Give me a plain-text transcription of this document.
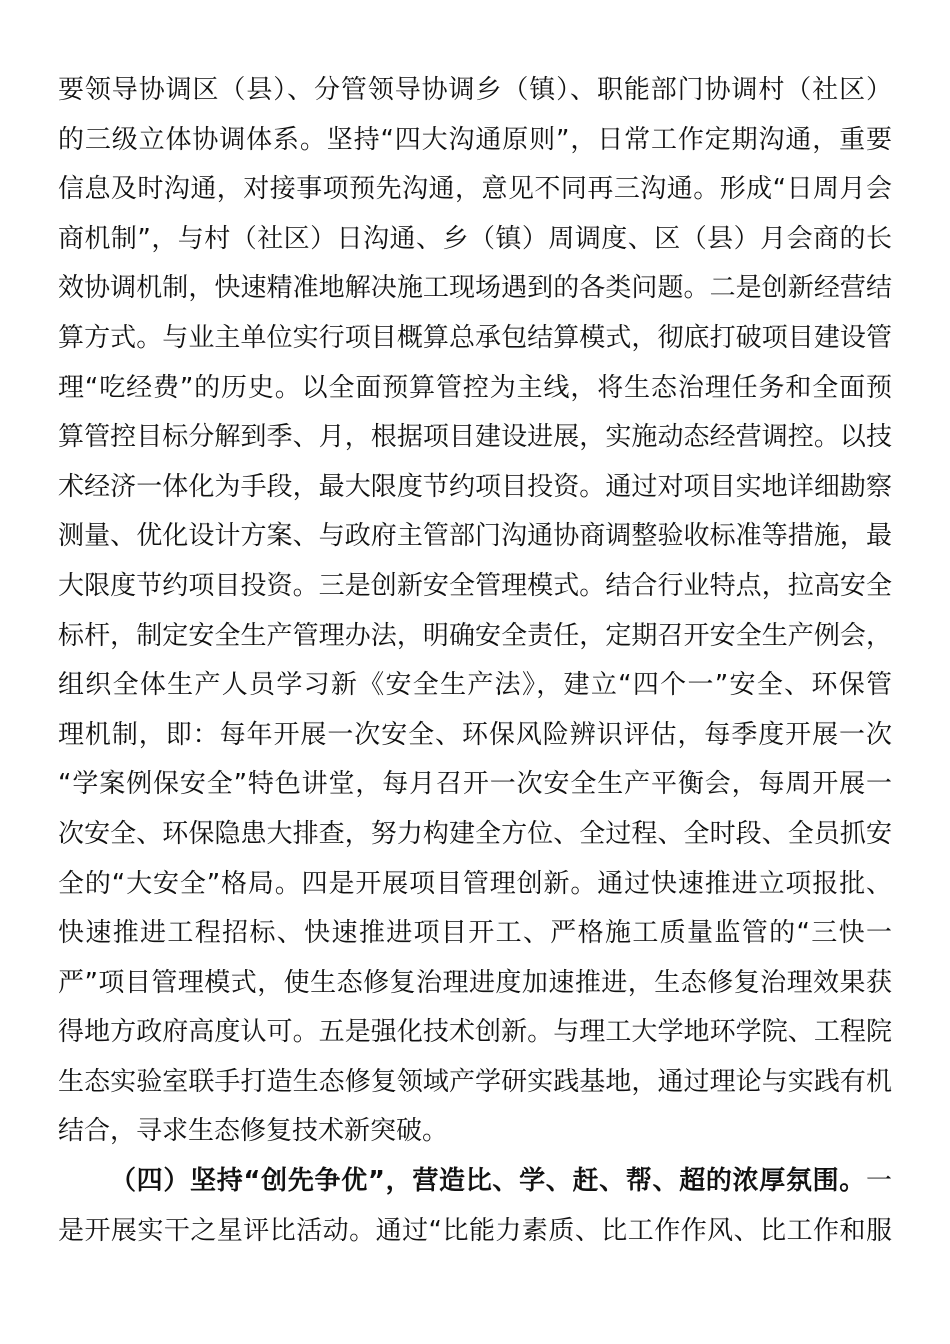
要领导协调区（县）、分管领导协调乡（镇）、职能部门协调村（社区）
的三级立体协调体系。坚持“四大沟通原则”，日常工作定期沟通，重要
信息及时沟通，对接事项预先沟通，意见不同再三沟通。形成“日周月会
商机制”，与村（社区）日沟通、乡（镇）周调度、区（县）月会商的长
效协调机制，快速精准地解决施工现场遇到的各类问题。二是创新经营结
算方式。与业主单位实行项目概算总承包结算模式，彻底打破项目建设管
理“吃经费”的历史。以全面预算管控为主线，将生态治理任务和全面预
算管控目标分解到季、月，根据项目建设进展，实施动态经营调控。以技
术经济一体化为手段，最大限度节约项目投资。通过对项目实地详细勘察
测量、优化设计方案、与政府主管部门沟通协商调整验收标准等措施，最
大限度节约项目投资。三是创新安全管理模式。结合行业特点，拉高安全
标杆，制定安全生产管理办法，明确安全责任，定期召开安全生产例会，
组织全体生产人员学习新《安全生产法》，建立“四个一”安全、环保管
理机制，即：每年开展一次安全、环保风险辨识评估，每季度开展一次
“学案例保安全”特色讲堂，每月召开一次安全生产平衡会，每周开展一
次安全、环保隐患大排查，努力构建全方位、全过程、全时段、全员抓安
全的“大安全”格局。四是开展项目管理创新。通过快速推进立项报批、
快速推进工程招标、快速推进项目开工、严格施工质量监管的“三快一
严”项目管理模式，使生态修复治理进度加速推进，生态修复治理效果获
得地方政府高度认可。五是强化技术创新。与理工大学地环学院、工程院
生态实验室联手打造生态修复领域产学研实践基地，通过理论与实践有机
结合，寻求生态修复技术新突破。
（四）坚持“创先争优”，营造比、学、赶、帮、超的浓厚氛围。一
是开展实干之星评比活动。通过“比能力素质、比工作作风、比工作和服
